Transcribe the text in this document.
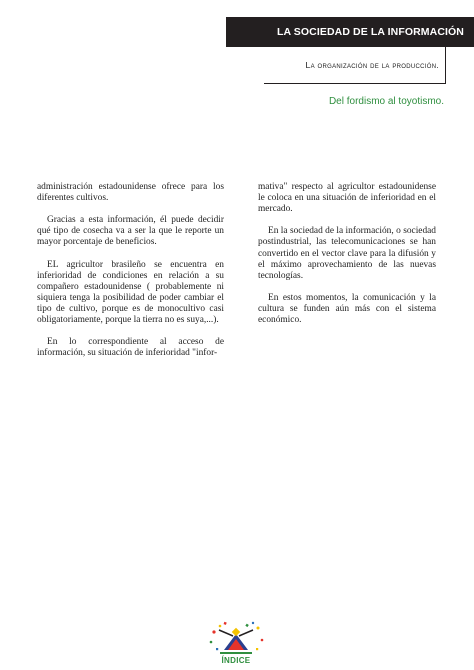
LA SOCIEDAD DE LA INFORMACIÓN
La organización de la producción.
Del fordismo al toyotismo.

administración estadounidense ofrece para los diferentes cultivos.

Gracias a esta información, él puede decidir qué tipo de cosecha va a ser la que le reporte un mayor porcentaje de beneficios.

EL agricultor brasileño se encuentra en inferioridad de condiciones en relación a su compañero estadounidense ( probablemente ni siquiera tenga la posibilidad de poder cambiar el tipo de cultivo, porque es de monocultivo casi obligatoriamente, porque la tierra no es suya,...).

En lo correspondiente al acceso de información, su situación de inferioridad "infor-

mativa" respecto al agricultor estadounidense le coloca en una situación de inferioridad en el mercado.

En la sociedad de la información, o sociedad postindustrial, las telecomunicaciones se han convertido en el vector clave para la difusión y el máximo aprovechamiento de las nuevas tecnologías.

En estos momentos, la comunicación y la cultura se funden aún más con el sistema económico.

ÍNDICE
